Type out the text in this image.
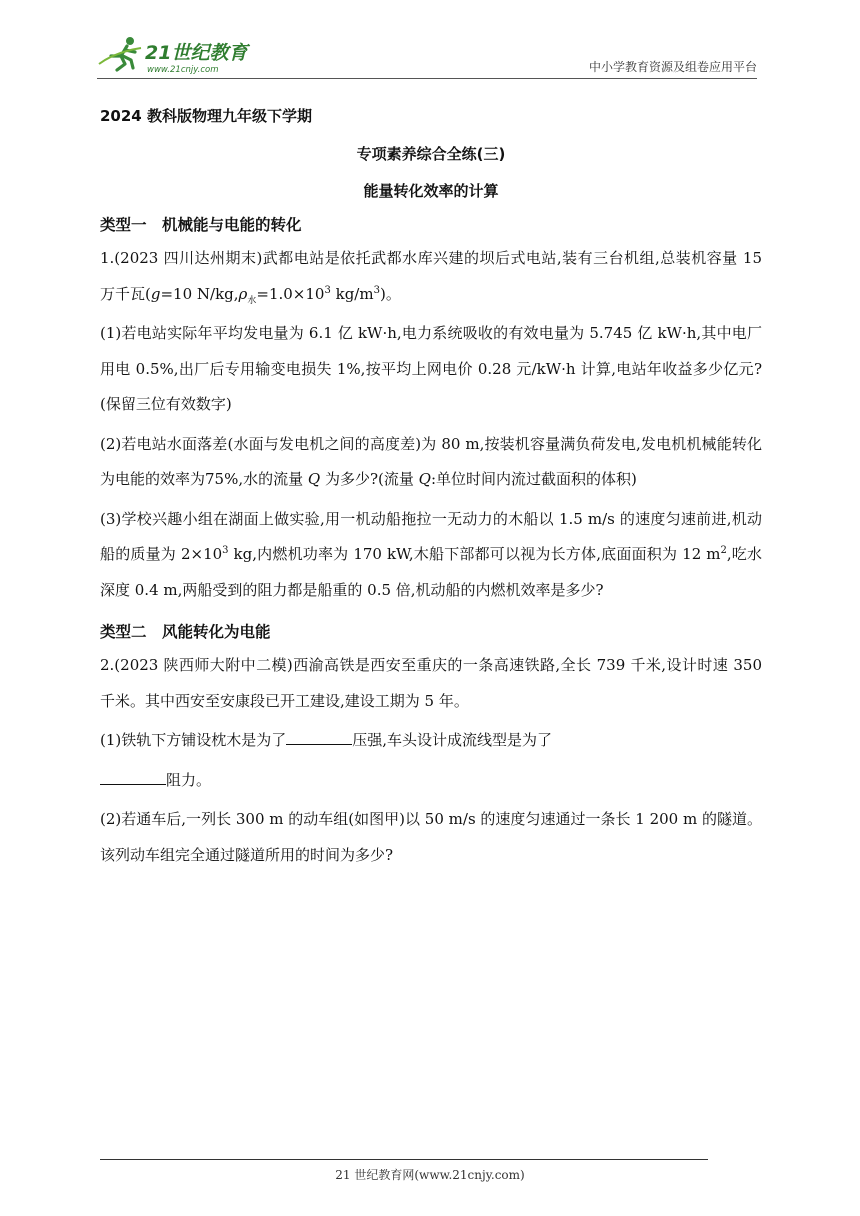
21世纪教育
www.21cnjy.com	中小学教育资源及组卷应用平台
2024 教科版物理九年级下学期
专项素养综合全练(三)
能量转化效率的计算
类型一　机械能与电能的转化

1.(2023 四川达州期末)武都电站是依托武都水库兴建的坝后式电站,装有三台机组,总装机容量 15 万千瓦(g=10 $N/kg,\rho_水=1.0\times 10^3$ $kg/m^3$)。

(1)若电站实际年平均发电量为 6.1 亿 kW·h,电力系统吸收的有效电量为 5.745 亿 kW·h,其中电厂用电 0.5%,出厂后专用输变电损失 1%,按平均上网电价 0.28 元/kW·h 计算,电站年收益多少亿元?(保留三位有效数字)

(2)若电站水面落差(水面与发电机之间的高度差)为 80 m,按装机容量满负荷发电,发电机机械能转化为电能的效率为75%,水的流量 Q 为多少?(流量 Q:单位时间内流过截面积的体积)

(3)学校兴趣小组在湖面上做实验,用一机动船拖拉一无动力的木船以 1.5 m/s 的速度匀速前进,机动船的质量为 $2\times 10^3$ kg,内燃机功率为 170 kW,木船下部都可以视为长方体,底面面积为 12 $m^2$,吃水深度 0.4 m,两船受到的阻力都是船重的 0.5 倍,机动船的内燃机效率是多少?

类型二　风能转化为电能

2.(2023 陕西师大附中二模)西渝高铁是西安至重庆的一条高速铁路,全长 739 千米,设计时速 350 千米。其中西安至安康段已开工建设,建设工期为 5 年。

(1)铁轨下方铺设枕木是为了	压强,车头设计成流线型是为了

阻力。

(2)若通车后,一列长 300 m 的动车组(如图甲)以 50 m/s 的速度匀速通过一条长 1 200 m 的隧道。该列动车组完全通过隧道所用的时间为多少?

21 世纪教育网(www.21cnjy.com)
